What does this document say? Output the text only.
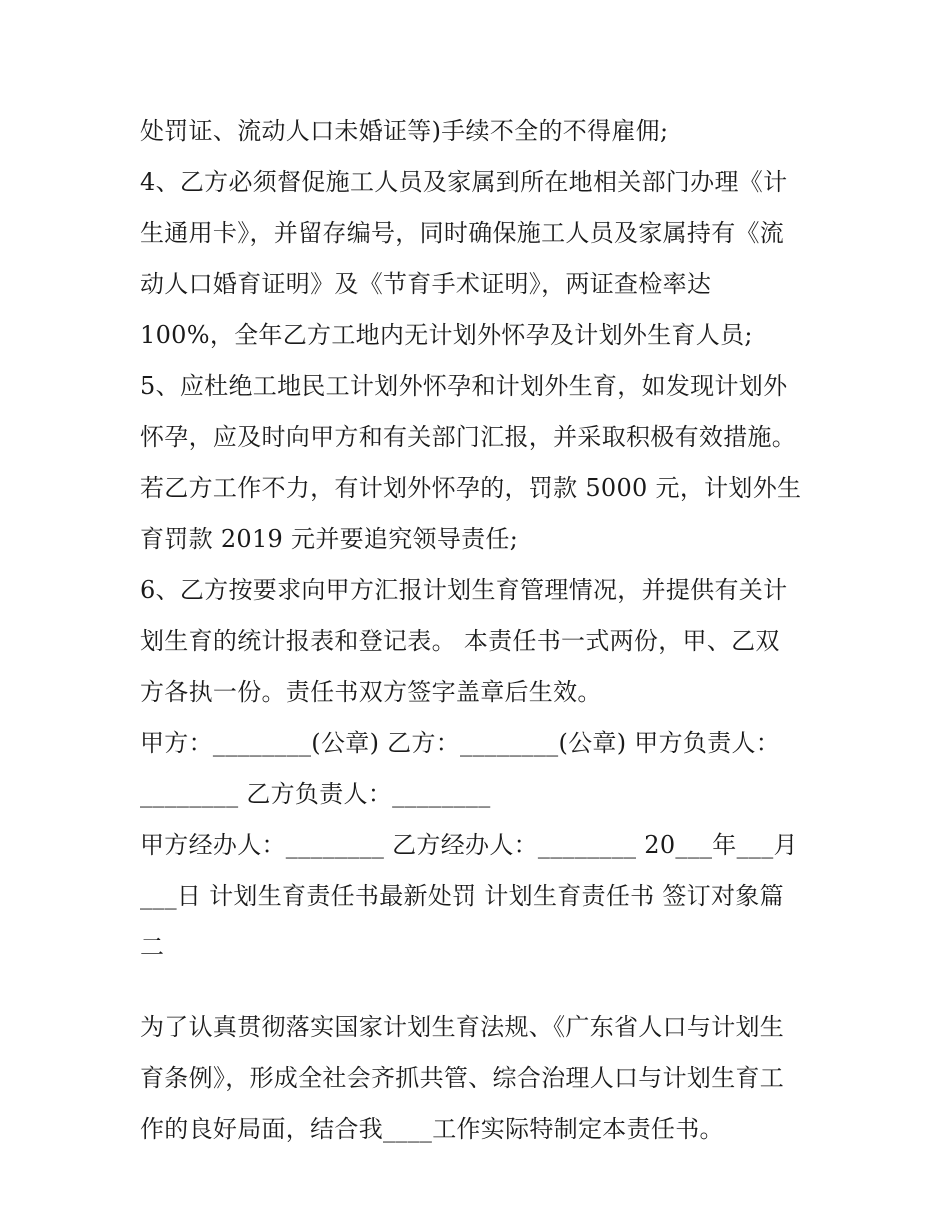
处罚证、流动人口未婚证等)手续不全的不得雇佣;
4、乙方必须督促施工人员及家属到所在地相关部门办理《计
生通用卡》，并留存编号，同时确保施工人员及家属持有《流
动人口婚育证明》及《节育手术证明》，两证查检率达
100%，全年乙方工地内无计划外怀孕及计划外生育人员;
5、应杜绝工地民工计划外怀孕和计划外生育，如发现计划外
怀孕，应及时向甲方和有关部门汇报，并采取积极有效措施。
若乙方工作不力，有计划外怀孕的，罚款 5000 元，计划外生
育罚款 2019 元并要追究领导责任;
6、乙方按要求向甲方汇报计划生育管理情况，并提供有关计
划生育的统计报表和登记表。 本责任书一式两份，甲、乙双
方各执一份。责任书双方签字盖章后生效。
甲方：________(公章) 乙方：________(公章) 甲方负责人：
________ 乙方负责人：________
甲方经办人：________ 乙方经办人：________ 20___年___月
___日 计划生育责任书最新处罚 计划生育责任书 签订对象篇
二
为了认真贯彻落实国家计划生育法规、《广东省人口与计划生
育条例》，形成全社会齐抓共管、综合治理人口与计划生育工
作的良好局面，结合我____工作实际特制定本责任书。
